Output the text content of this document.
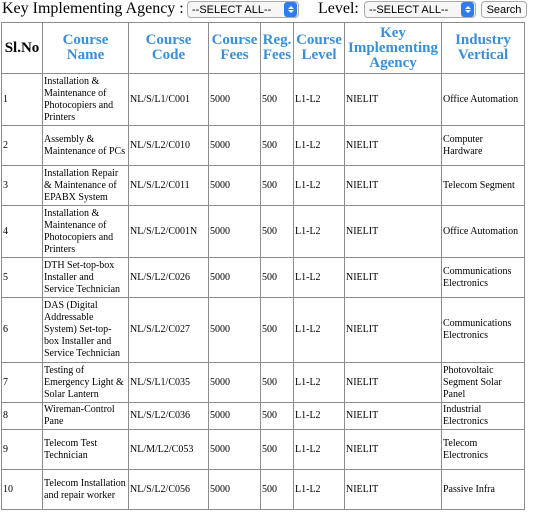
Key Implementing Agency : --SELECT ALL--	Level: --SELECT ALL--	Search
Sl.No	Course Name	Course Code	Course Fees	Reg. Fees	Course Level	Key Implementing Agency	Industry Vertical
1	Installation & Maintenance of Photocopiers and Printers	NL/S/L1/C001	5000	500	L1-L2	NIELIT	Office Automation
2	Assembly & Maintenance of PCs	NL/S/L2/C010	5000	500	L1-L2	NIELIT	Computer Hardware
3	Installation Repair & Maintenance of EPABX System	NL/S/L2/C011	5000	500	L1-L2	NIELIT	Telecom Segment
4	Installation & Maintenance of Photocopiers and Printers	NL/S/L2/C001N	5000	500	L1-L2	NIELIT	Office Automation
5	DTH Set-top-box Installer and Service Technician	NL/S/L2/C026	5000	500	L1-L2	NIELIT	Communications Electronics
6	DAS (Digital Addressable System) Set-top-box Installer and Service Technician	NL/S/L2/C027	5000	500	L1-L2	NIELIT	Communications Electronics
7	Testing of Emergency Light & Solar Lantern	NL/S/L1/C035	5000	500	L1-L2	NIELIT	Photovoltaic Segment Solar Panel
8	Wireman-Control Pane	NL/S/L2/C036	5000	500	L1-L2	NIELIT	Industrial Electronics
9	Telecom Test Technician	NL/M/L2/C053	5000	500	L1-L2	NIELIT	Telecom Electronics
10	Telecom Installation and repair worker	NL/S/L2/C056	5000	500	L1-L2	NIELIT	Passive Infra
